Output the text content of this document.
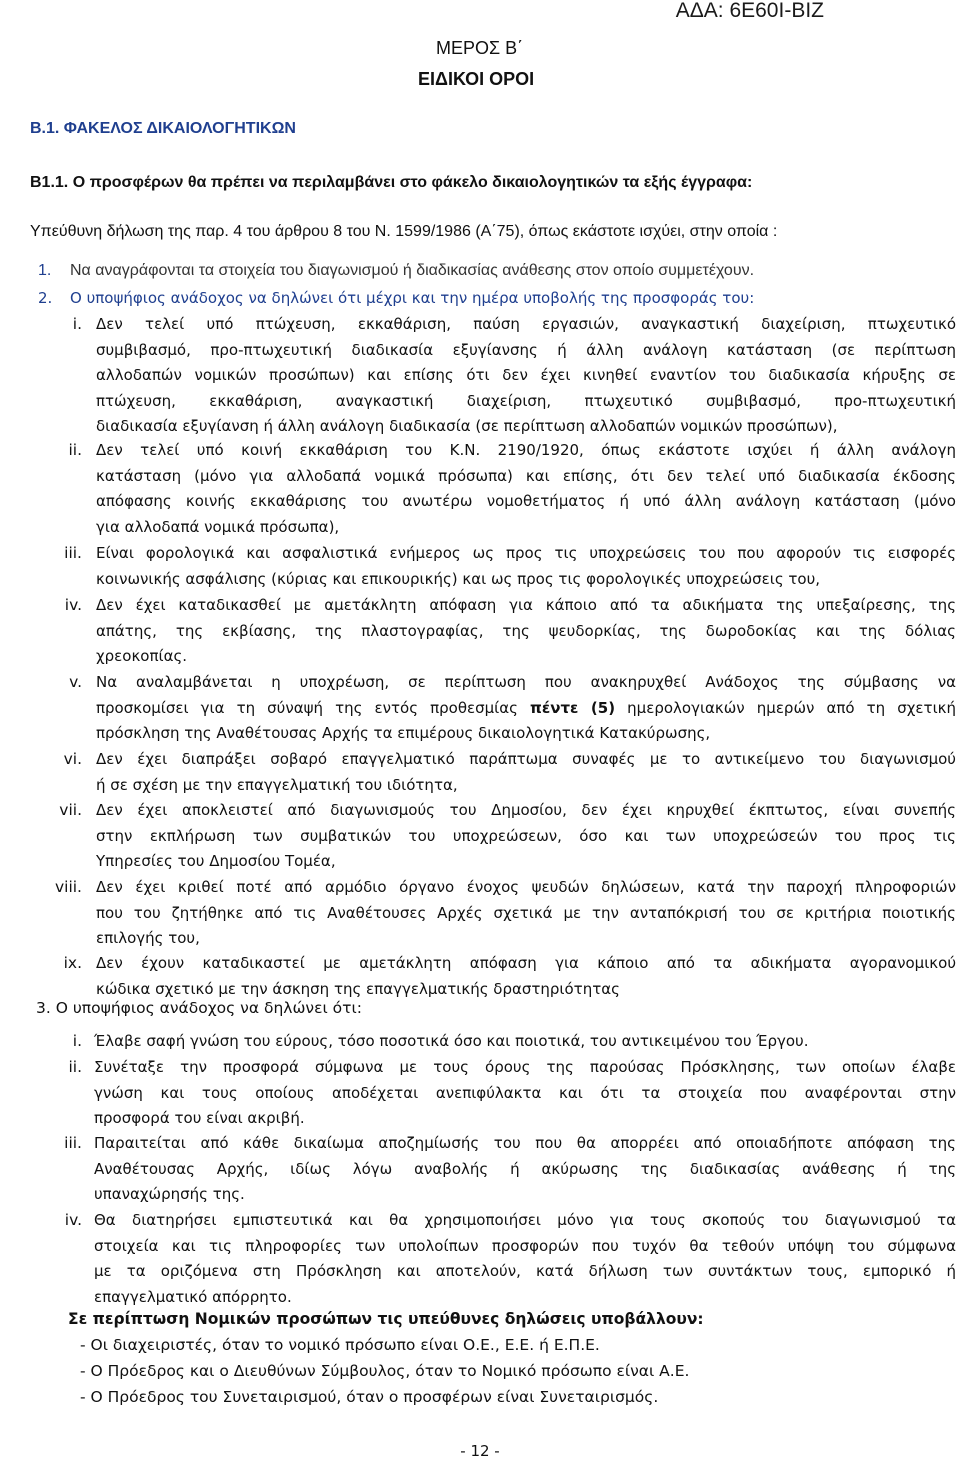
ΑΔΑ: 6Ε60Ι-ΒΙΖ
ΜΕΡΟΣ Β΄
ΕΙΔΙΚΟΙ ΟΡΟΙ
Β.1. ΦΑΚΕΛΟΣ ΔΙΚΑΙΟΛΟΓΗΤΙΚΩΝ
Β1.1. Ο προσφέρων θα πρέπει να περιλαμβάνει στο φάκελο δικαιολογητικών τα εξής έγγραφα:
Υπεύθυνη δήλωση της παρ. 4 του άρθρου 8 του Ν. 1599/1986 (Α΄75), όπως εκάστοτε ισχύει, στην οποία :
1. Να αναγράφονται τα στοιχεία του διαγωνισμού ή διαδικασίας ανάθεσης στον οποίο συμμετέχουν.
2. Ο υποψήφιος ανάδοχος να δηλώνει ότι μέχρι και την ημέρα υποβολής της προσφοράς του:
i. Δεν τελεί υπό πτώχευση, εκκαθάριση, παύση εργασιών, αναγκαστική διαχείριση, πτωχευτικό
συμβιβασμό, προ-πτωχευτική διαδικασία εξυγίανσης ή άλλη ανάλογη κατάσταση (σε περίπτωση
αλλοδαπών νομικών προσώπων) και επίσης ότι δεν έχει κινηθεί εναντίον του διαδικασία κήρυξης σε
πτώχευση, εκκαθάριση, αναγκαστική διαχείριση, πτωχευτικό συμβιβασμό, προ-πτωχευτική
διαδικασία εξυγίανση ή άλλη ανάλογη διαδικασία (σε περίπτωση αλλοδαπών νομικών προσώπων),
ii. Δεν τελεί υπό κοινή εκκαθάριση του Κ.Ν. 2190/1920, όπως εκάστοτε ισχύει ή άλλη ανάλογη
κατάσταση (μόνο για αλλοδαπά νομικά πρόσωπα) και επίσης, ότι δεν τελεί υπό διαδικασία έκδοσης
απόφασης κοινής εκκαθάρισης του ανωτέρω νομοθετήματος ή υπό άλλη ανάλογη κατάσταση (μόνο
για αλλοδαπά νομικά πρόσωπα),
iii. Είναι φορολογικά και ασφαλιστικά ενήμερος ως προς τις υποχρεώσεις του που αφορούν τις εισφορές
κοινωνικής ασφάλισης (κύριας και επικουρικής) και ως προς τις φορολογικές υποχρεώσεις του,
iv. Δεν έχει καταδικασθεί με αμετάκλητη απόφαση για κάποιο από τα αδικήματα της υπεξαίρεσης, της
απάτης, της εκβίασης, της πλαστογραφίας, της ψευδορκίας, της δωροδοκίας και της δόλιας
χρεοκοπίας.
v. Να αναλαμβάνεται η υποχρέωση, σε περίπτωση που ανακηρυχθεί Ανάδοχος της σύμβασης να
προσκομίσει για τη σύναψή της εντός προθεσμίας πέντε (5) ημερολογιακών ημερών από τη σχετική
πρόσκληση της Αναθέτουσας Αρχής τα επιμέρους δικαιολογητικά Κατακύρωσης,
vi. Δεν έχει διαπράξει σοβαρό επαγγελματικό παράπτωμα συναφές με το αντικείμενο του διαγωνισμού
ή σε σχέση με την επαγγελματική του ιδιότητα,
vii. Δεν έχει αποκλειστεί από διαγωνισμούς του Δημοσίου, δεν έχει κηρυχθεί έκπτωτος, είναι συνεπής
στην εκπλήρωση των συμβατικών του υποχρεώσεων, όσο και των υποχρεώσεών του προς τις
Υπηρεσίες του Δημοσίου Τομέα,
viii. Δεν έχει κριθεί ποτέ από αρμόδιο όργανο ένοχος ψευδών δηλώσεων, κατά την παροχή πληροφοριών
που του ζητήθηκε από τις Αναθέτουσες Αρχές σχετικά με την ανταπόκρισή του σε κριτήρια ποιοτικής
επιλογής του,
ix. Δεν έχουν καταδικαστεί με αμετάκλητη απόφαση για κάποιο από τα αδικήματα αγορανομικού
κώδικα σχετικό με την άσκηση της επαγγελματικής δραστηριότητας
3. Ο υποψήφιος ανάδοχος να δηλώνει ότι:
i. Έλαβε σαφή γνώση του εύρους, τόσο ποσοτικά όσο και ποιοτικά, του αντικειμένου του Έργου.
ii. Συνέταξε την προσφορά σύμφωνα με τους όρους της παρούσας Πρόσκλησης, των οποίων έλαβε
γνώση και τους οποίους αποδέχεται ανεπιφύλακτα και ότι τα στοιχεία που αναφέρονται στην
προσφορά του είναι ακριβή.
iii. Παραιτείται από κάθε δικαίωμα αποζημίωσής του που θα απορρέει από οποιαδήποτε απόφαση της
Αναθέτουσας Αρχής, ιδίως λόγω αναβολής ή ακύρωσης της διαδικασίας ανάθεσης ή της
υπαναχώρησής της.
iv. Θα διατηρήσει εμπιστευτικά και θα χρησιμοποιήσει μόνο για τους σκοπούς του διαγωνισμού τα
στοιχεία και τις πληροφορίες των υπολοίπων προσφορών που τυχόν θα τεθούν υπόψη του σύμφωνα
με τα οριζόμενα στη Πρόσκληση και αποτελούν, κατά δήλωση των συντάκτων τους, εμπορικό ή
επαγγελματικό απόρρητο.
Σε περίπτωση Νομικών προσώπων τις υπεύθυνες δηλώσεις υποβάλλουν:
- Οι διαχειριστές, όταν το νομικό πρόσωπο είναι Ο.Ε., Ε.Ε. ή Ε.Π.Ε.
- Ο Πρόεδρος και ο Διευθύνων Σύμβουλος, όταν το Νομικό πρόσωπο είναι Α.Ε.
- Ο Πρόεδρος του Συνεταιρισμού, όταν ο προσφέρων είναι Συνεταιρισμός.
- 12 -
